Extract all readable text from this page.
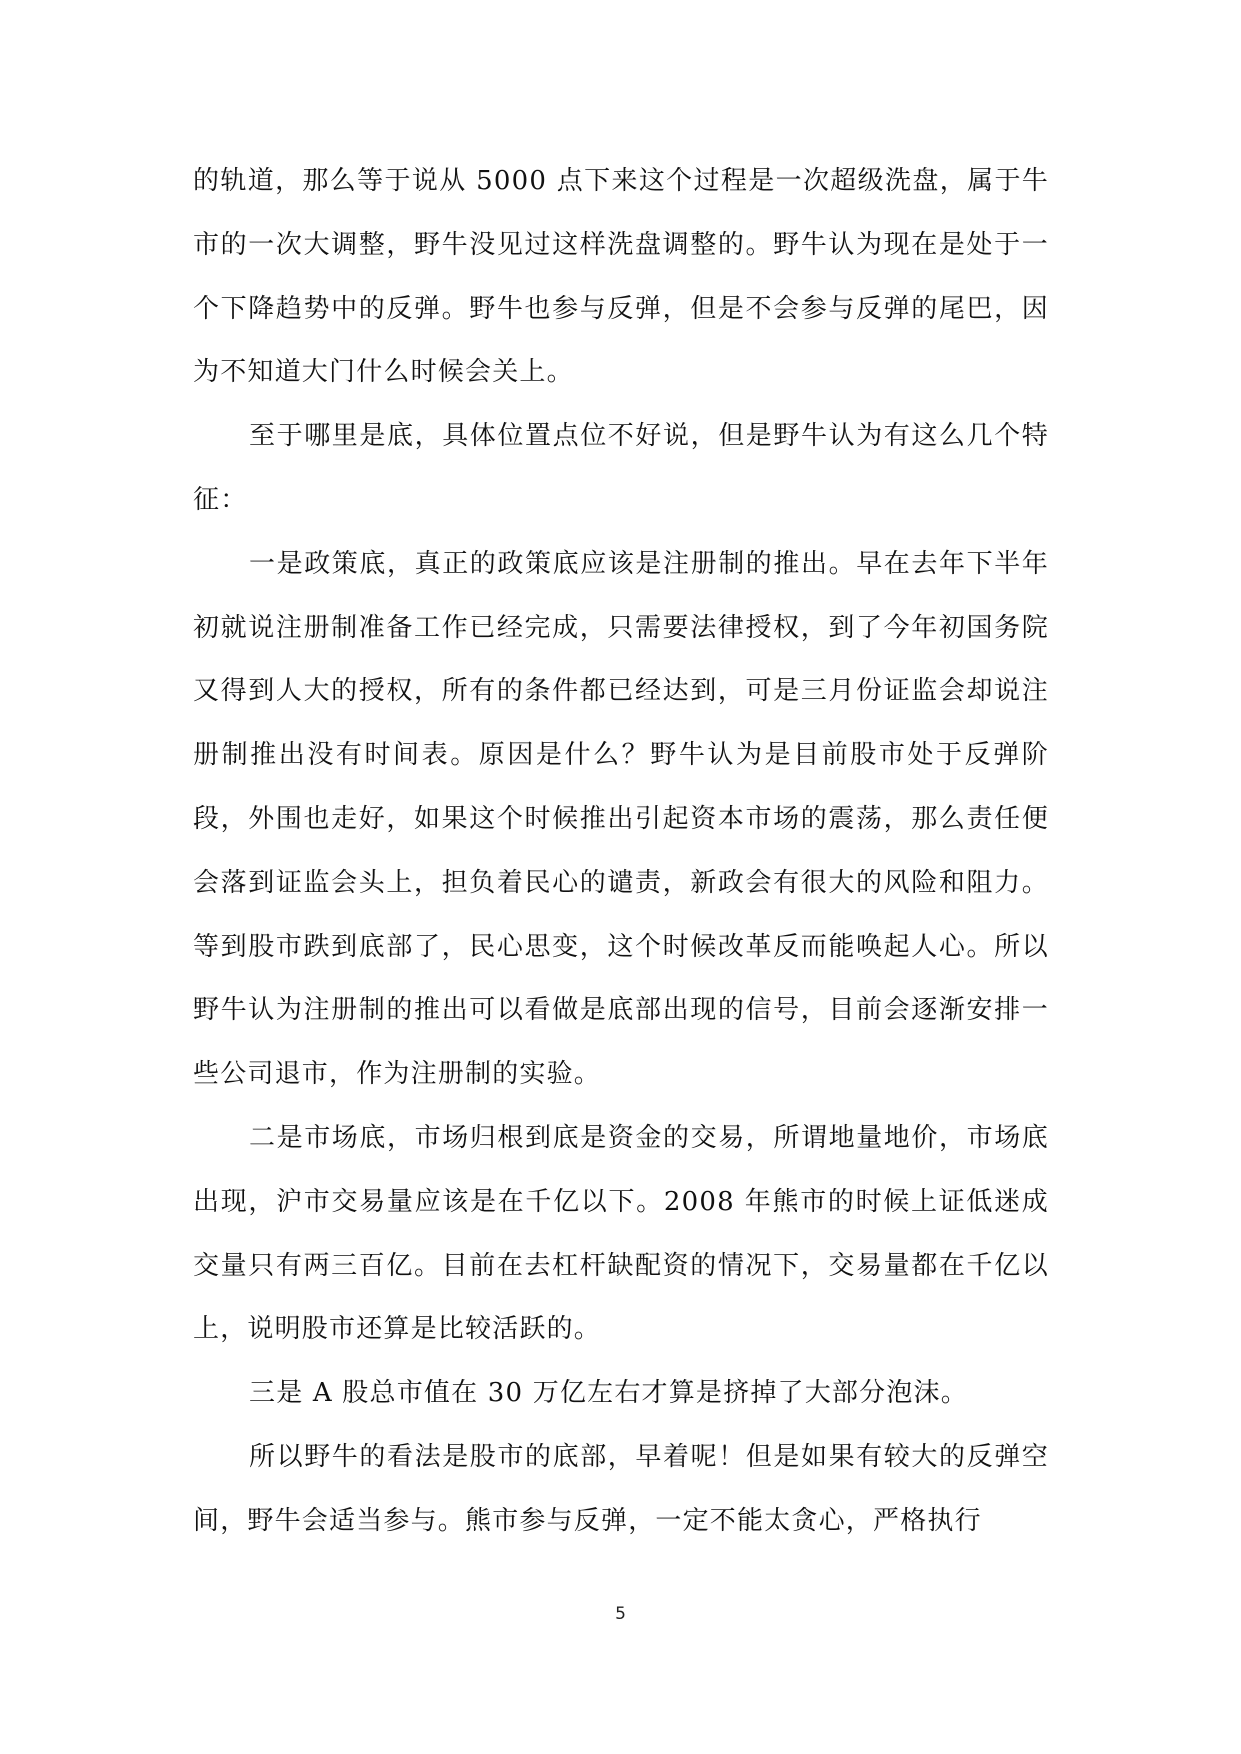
的轨道，那么等于说从 5000 点下来这个过程是一次超级洗盘，属于牛市的一次大调整，野牛没见过这样洗盘调整的。野牛认为现在是处于一个下降趋势中的反弹。野牛也参与反弹，但是不会参与反弹的尾巴，因为不知道大门什么时候会关上。

至于哪里是底，具体位置点位不好说，但是野牛认为有这么几个特征：

一是政策底，真正的政策底应该是注册制的推出。早在去年下半年初就说注册制准备工作已经完成，只需要法律授权，到了今年初国务院又得到人大的授权，所有的条件都已经达到，可是三月份证监会却说注册制推出没有时间表。原因是什么？野牛认为是目前股市处于反弹阶段，外围也走好，如果这个时候推出引起资本市场的震荡，那么责任便会落到证监会头上，担负着民心的谴责，新政会有很大的风险和阻力。等到股市跌到底部了，民心思变，这个时候改革反而能唤起人心。所以野牛认为注册制的推出可以看做是底部出现的信号，目前会逐渐安排一些公司退市，作为注册制的实验。

二是市场底，市场归根到底是资金的交易，所谓地量地价，市场底出现，沪市交易量应该是在千亿以下。2008 年熊市的时候上证低迷成交量只有两三百亿。目前在去杠杆缺配资的情况下，交易量都在千亿以上，说明股市还算是比较活跃的。

三是 A 股总市值在 30 万亿左右才算是挤掉了大部分泡沫。

所以野牛的看法是股市的底部，早着呢！但是如果有较大的反弹空间，野牛会适当参与。熊市参与反弹，一定不能太贪心，严格执行

5
